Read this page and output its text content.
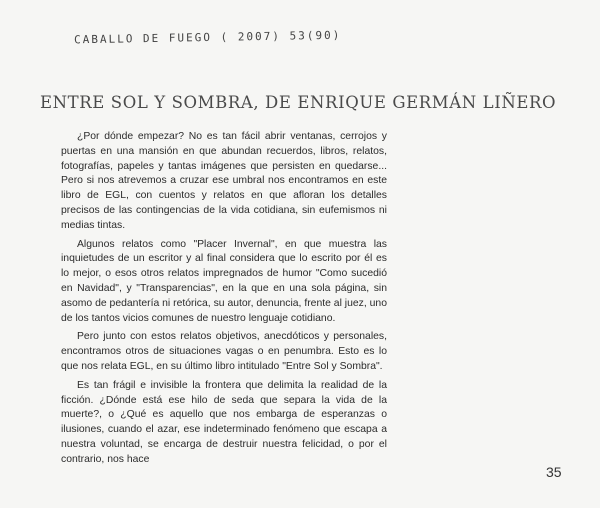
CABALLO DE FUEGO ( 2007) 53(90)
ENTRE SOL Y SOMBRA, DE ENRIQUE GERMÁN LIÑERO

¿Por dónde empezar? No es tan fácil abrir ventanas, cerrojos y puertas en una mansión en que abundan recuerdos, libros, relatos, fotografías, papeles y tantas imágenes que persisten en quedarse... Pero si nos atrevemos a cruzar ese umbral nos encontramos en este libro de EGL, con cuentos y relatos en que afloran los detalles precisos de las contingencias de la vida cotidiana, sin eufemismos ni medias tintas.

Algunos relatos como "Placer Invernal", en que muestra las inquietudes de un escritor y al final considera que lo escrito por él es lo mejor, o esos otros relatos impregnados de humor "Como sucedió en Navidad", y "Transparencias", en la que en una sola página, sin asomo de pedantería ni retórica, su autor, denuncia, frente al juez, uno de los tantos vicios comunes de nuestro lenguaje cotidiano.

Pero junto con estos relatos objetivos, anecdóticos y personales, encontramos otros de situaciones vagas o en penumbra. Esto es lo que nos relata EGL, en su último libro intitulado "Entre Sol y Sombra".

Es tan frágil e invisible la frontera que delimita la realidad de la ficción. ¿Dónde está ese hilo de seda que separa la vida de la muerte?, o ¿Qué es aquello que nos embarga de esperanzas o ilusiones, cuando el azar, ese indeterminado fenómeno que escapa a nuestra voluntad, se encarga de destruir nuestra felicidad, o por el contrario, nos hace

35
